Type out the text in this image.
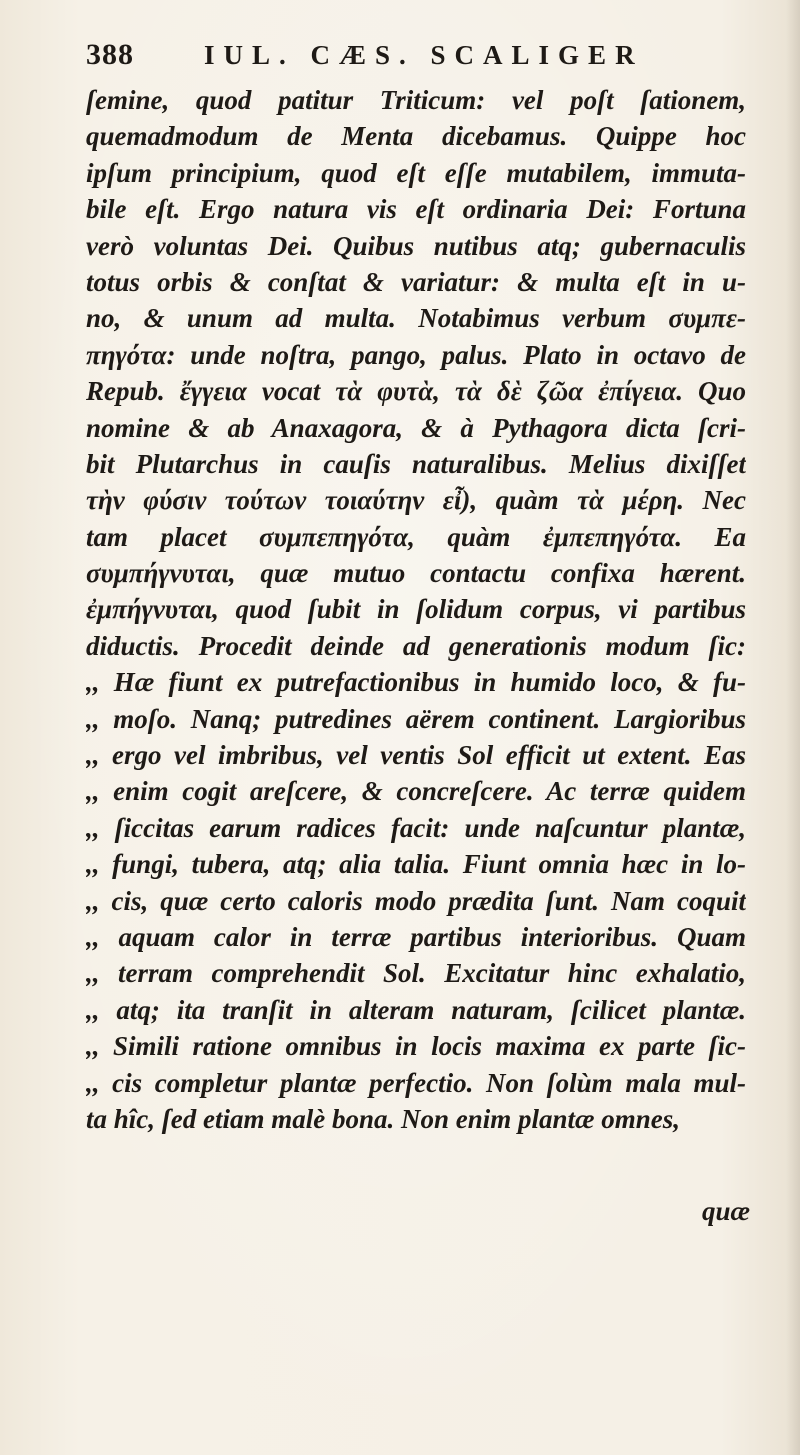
388	IUL. CÆS. SCALIGER
ſemine, quod patitur Triticum: vel poſt ſationem,
quemadmodum de Menta dicebamus. Quippe hoc
ipſum principium, quod eſt eſſe mutabilem, immuta-
bile eſt. Ergo natura vis eſt ordinaria Dei: Fortuna
verò voluntas Dei. Quibus nutibus atq; gubernaculis
totus orbis & conſtat & variatur: & multa eſt in u-
no, & unum ad multa. Notabimus verbum συμπε-
πηγότα: unde noſtra, pango, palus. Plato in octavo de
Repub. ἔγγεια vocat τὰ φυτὰ, τὰ δὲ ζῶα ἐπίγεια. Quo
nomine & ab Anaxagora, & à Pythagora dicta ſcri-
bit Plutarchus in cauſis naturalibus. Melius dixiſſet
τὴν φύσιν τούτων τοιαύτην εἶ), quàm τὰ μέρη. Nec
tam placet συμπεπηγότα, quàm ἐμπεπηγότα. Ea
συμπήγνυται, quæ mutuo contactu confixa hærent.
ἐμπήγνυται, quod ſubit in ſolidum corpus, vi partibus
diductis. Procedit deinde ad generationis modum ſic:
,, Hæ fiunt ex putrefactionibus in humido loco, & fu-
,, moſo. Nanq; putredines aërem continent. Largioribus
,, ergo vel imbribus, vel ventis Sol efficit ut extent. Eas
,, enim cogit areſcere, & concreſcere. Ac terræ quidem
,, ſiccitas earum radices facit: unde naſcuntur plantæ,
,, fungi, tubera, atq; alia talia. Fiunt omnia hæc in lo-
,, cis, quæ certo caloris modo prædita ſunt. Nam coquit
,, aquam calor in terræ partibus interioribus. Quam
,, terram comprehendit Sol. Excitatur hinc exhalatio,
,, atq; ita tranſit in alteram naturam, ſcilicet plantæ.
,, Simili ratione omnibus in locis maxima ex parte ſic-
,, cis completur plantæ perfectio. Non ſolùm mala mul-
ta hîc, ſed etiam malè bona. Non enim plantæ omnes,
quæ
